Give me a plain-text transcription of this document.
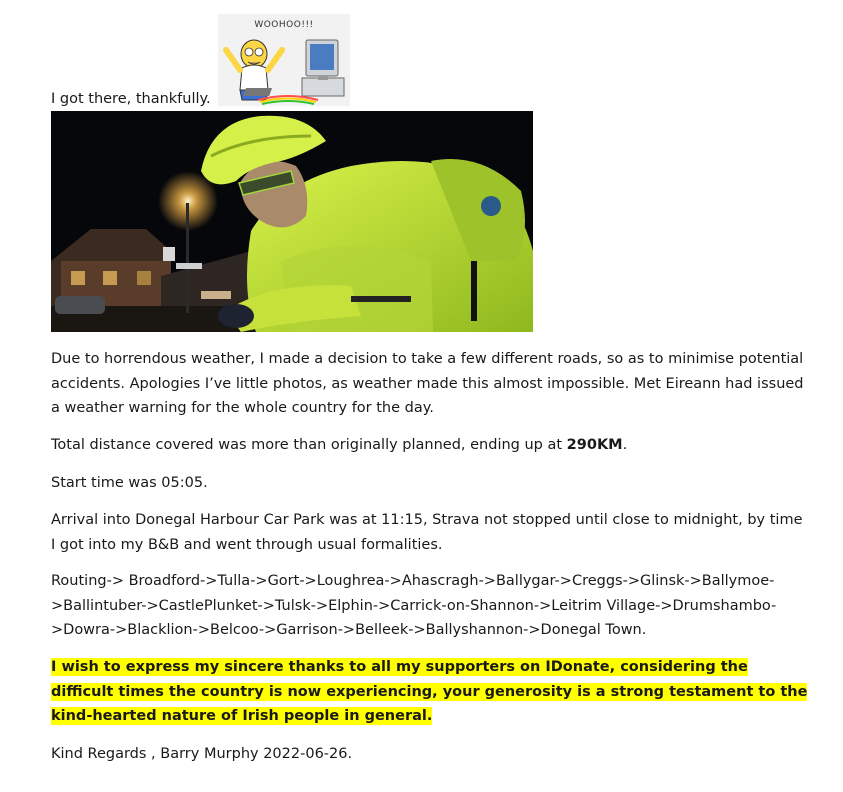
I got there, thankfully.
WOOHOO!!!

Due to horrendous weather, I made a decision to take a few different roads, so as to minimise potential accidents. Apologies I’ve little photos, as weather made this almost impossible. Met Eireann had issued a weather warning for the whole country for the day.

Total distance covered was more than originally planned, ending up at 290KM.

Start time was 05:05.

Arrival into Donegal Harbour Car Park was at 11:15, Strava not stopped until close to midnight, by time I got into my B&B and went through usual formalities.

Routing-> Broadford->Tulla->Gort->Loughrea->Ahascragh->Ballygar->Creggs->Glinsk->Ballymoe->Ballintuber->CastlePlunket->Tulsk->Elphin->Carrick-on-Shannon->Leitrim Village->Drumshambo->Dowra->Blacklion->Belcoo->Garrison->Belleek->Ballyshannon->Donegal Town.

I wish to express my sincere thanks to all my supporters on IDonate, considering the difficult times the country is now experiencing, your generosity is a strong testament to the kind-hearted nature of Irish people in general.

Kind Regards , Barry Murphy 2022-06-26.
